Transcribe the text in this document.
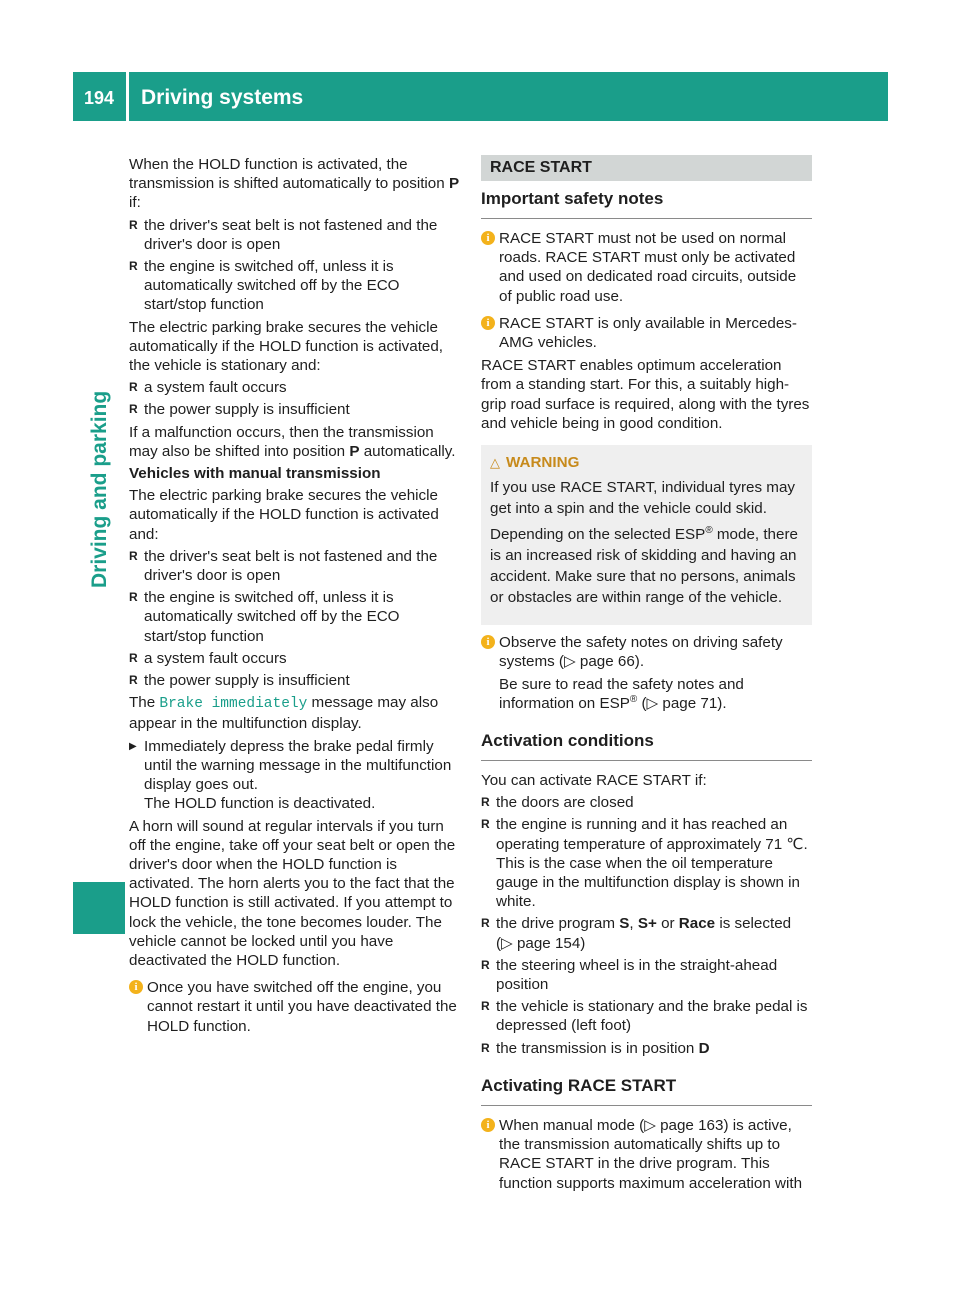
194	Driving systems
Driving and parking

When the HOLD function is activated, the transmission is shifted automatically to position P if:

R the driver's seat belt is not fastened and the driver's door is open
R the engine is switched off, unless it is automatically switched off by the ECO start/stop function

The electric parking brake secures the vehicle automatically if the HOLD function is activated, the vehicle is stationary and:

R a system fault occurs
R the power supply is insufficient

If a malfunction occurs, then the transmission may also be shifted into position P automatically.

Vehicles with manual transmission

The electric parking brake secures the vehicle automatically if the HOLD function is activated and:

R the driver's seat belt is not fastened and the driver's door is open
R the engine is switched off, unless it is automatically switched off by the ECO start/stop function
R a system fault occurs
R the power supply is insufficient

The Brake immediately message may also appear in the multifunction display.

▶ Immediately depress the brake pedal firmly until the warning message in the multifunction display goes out.
The HOLD function is deactivated.

A horn will sound at regular intervals if you turn off the engine, take off your seat belt or open the driver's door when the HOLD function is activated. The horn alerts you to the fact that the HOLD function is still activated. If you attempt to lock the vehicle, the tone becomes louder. The vehicle cannot be locked until you have deactivated the HOLD function.

i Once you have switched off the engine, you cannot restart it until you have deactivated the HOLD function.
RACE START
Important safety notes
i RACE START must not be used on normal roads. RACE START must only be activated and used on dedicated road circuits, outside of public road use.
i RACE START is only available in Mercedes-AMG vehicles.

RACE START enables optimum acceleration from a standing start. For this, a suitably high-grip road surface is required, along with the tyres and vehicle being in good condition.

△ WARNING

If you use RACE START, individual tyres may get into a spin and the vehicle could skid.

Depending on the selected ESP® mode, there is an increased risk of skidding and having an accident. Make sure that no persons, animals or obstacles are within range of the vehicle.

i Observe the safety notes on driving safety systems (▷ page 66).
Be sure to read the safety notes and information on ESP® (▷ page 71).
Activation conditions

You can activate RACE START if:

R the doors are closed
R the engine is running and it has reached an operating temperature of approximately 71 ℃. This is the case when the oil temperature gauge in the multifunction display is shown in white.
R the drive program S, S+ or Race is selected (▷ page 154)
R the steering wheel is in the straight-ahead position
R the vehicle is stationary and the brake pedal is depressed (left foot)
R the transmission is in position D
Activating RACE START
i When manual mode (▷ page 163) is active, the transmission automatically shifts up to RACE START in the drive program. This function supports maximum acceleration with
